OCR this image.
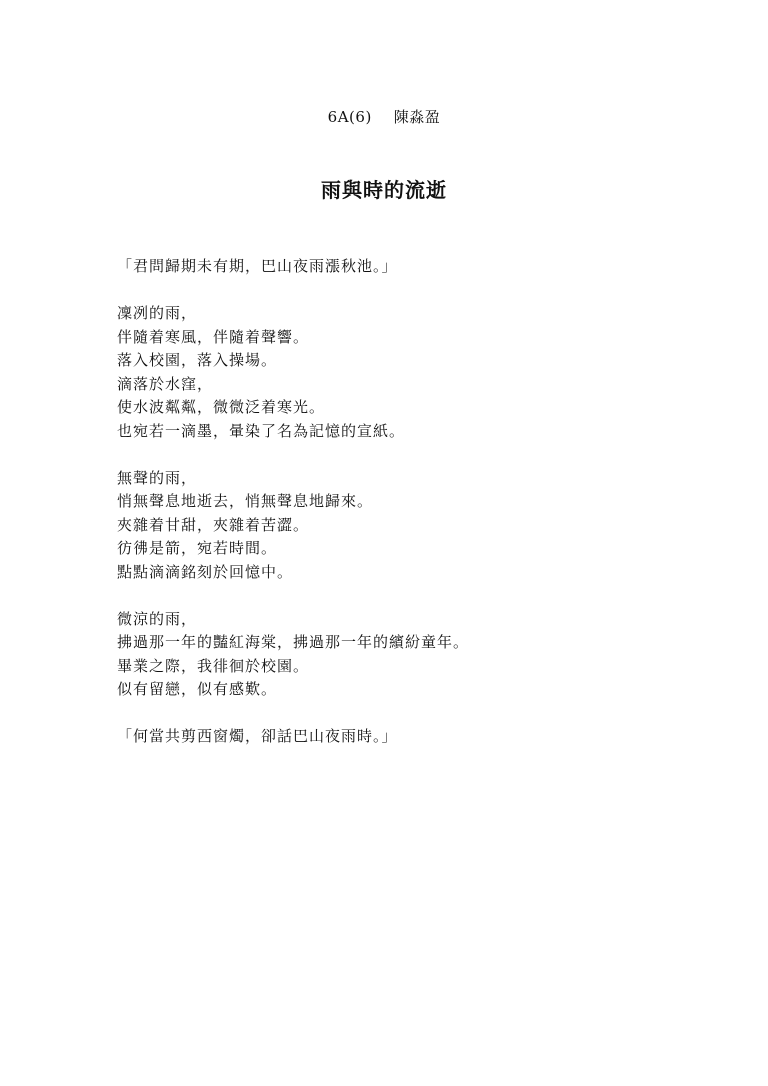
6A(6) 陳淼盈
雨與時的流逝
「君問歸期未有期，巴山夜雨漲秋池。」
凜冽的雨，
伴隨着寒風，伴隨着聲響。
落入校園，落入操場。
滴落於水窪，
使水波粼粼，微微泛着寒光。
也宛若一滴墨，暈染了名為記憶的宣紙。
無聲的雨，
悄無聲息地逝去，悄無聲息地歸來。
夾雜着甘甜，夾雜着苦澀。
彷彿是箭，宛若時間。
點點滴滴銘刻於回憶中。
微涼的雨，
拂過那一年的豔紅海棠，拂過那一年的繽紛童年。
畢業之際，我徘徊於校園。
似有留戀，似有感歎。
「何當共剪西窗燭，卻話巴山夜雨時。」
